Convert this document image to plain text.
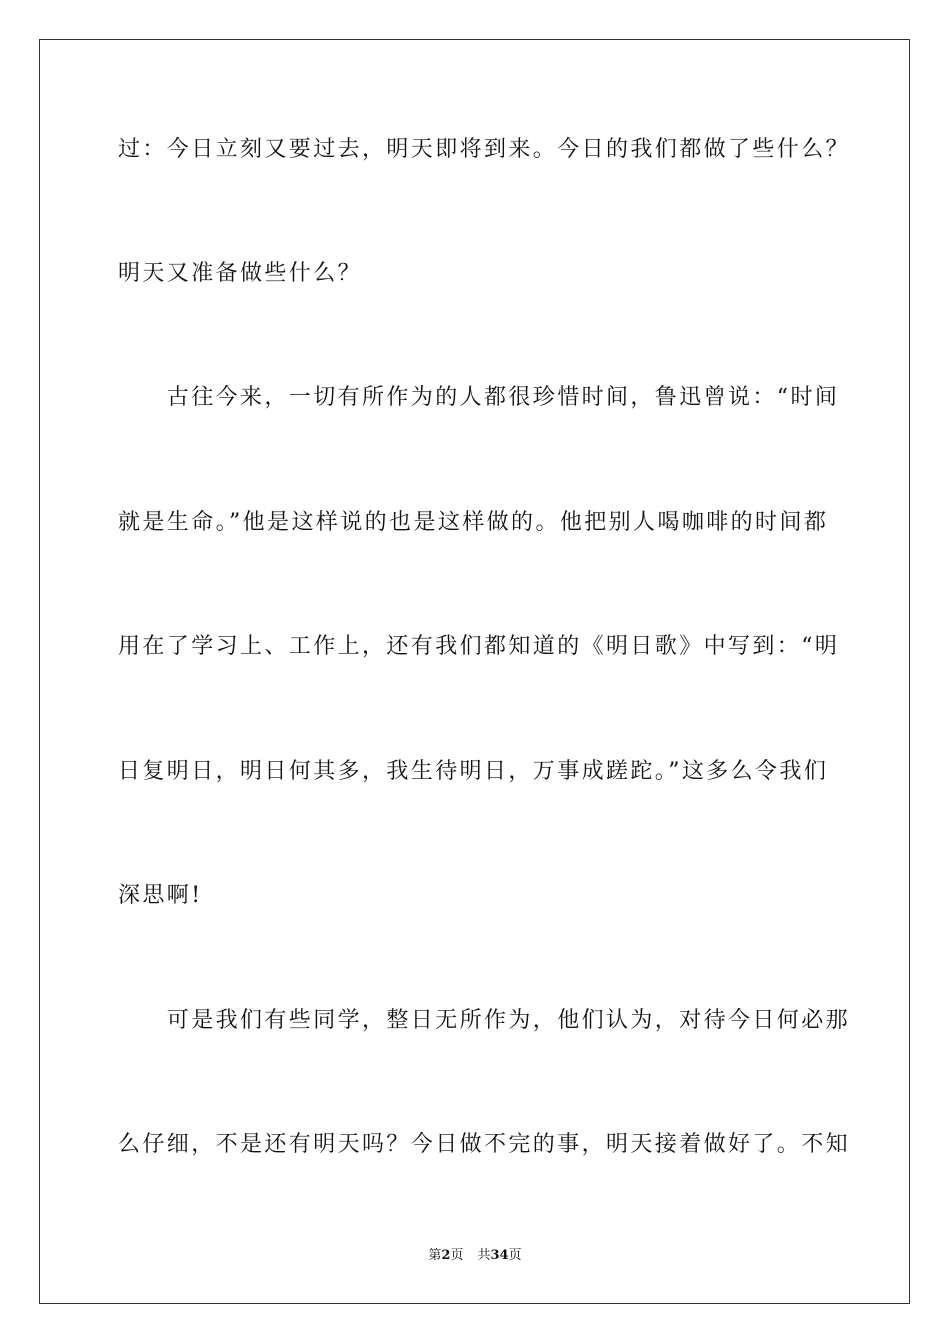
过：今日立刻又要过去，明天即将到来。今日的我们都做了些什么？
明天又准备做些什么？
　　古往今来，一切有所作为的人都很珍惜时间，鲁迅曾说：“时间
就是生命。”他是这样说的也是这样做的。他把别人喝咖啡的时间都
用在了学习上、工作上，还有我们都知道的《明日歌》中写到：“明
日复明日，明日何其多，我生待明日，万事成蹉跎。”这多么令我们
深思啊!
　　可是我们有些同学，整日无所作为，他们认为，对待今日何必那
么仔细，不是还有明天吗？今日做不完的事，明天接着做好了。不知
第2页 共34页
